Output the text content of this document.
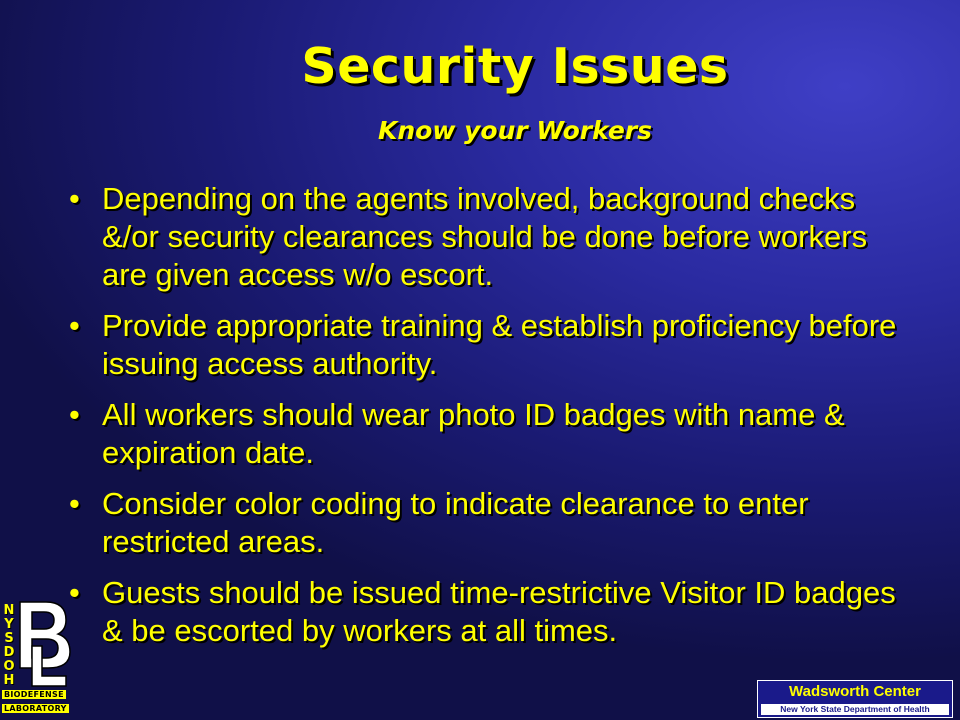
Security Issues
Know your Workers
• Depending on the agents involved, background checks &/or security clearances should be done before workers are given access w/o escort.
• Provide appropriate training & establish proficiency before issuing access authority.
• All workers should wear photo ID badges with name & expiration date.
• Consider color coding to indicate clearance to enter restricted areas.
• Guests should be issued time-restrictive Visitor ID badges & be escorted by workers at all times.
N
Y
S
D
O
H
BIODEFENSE
LABORATORY
Wadsworth Center
New York State Department of Health
